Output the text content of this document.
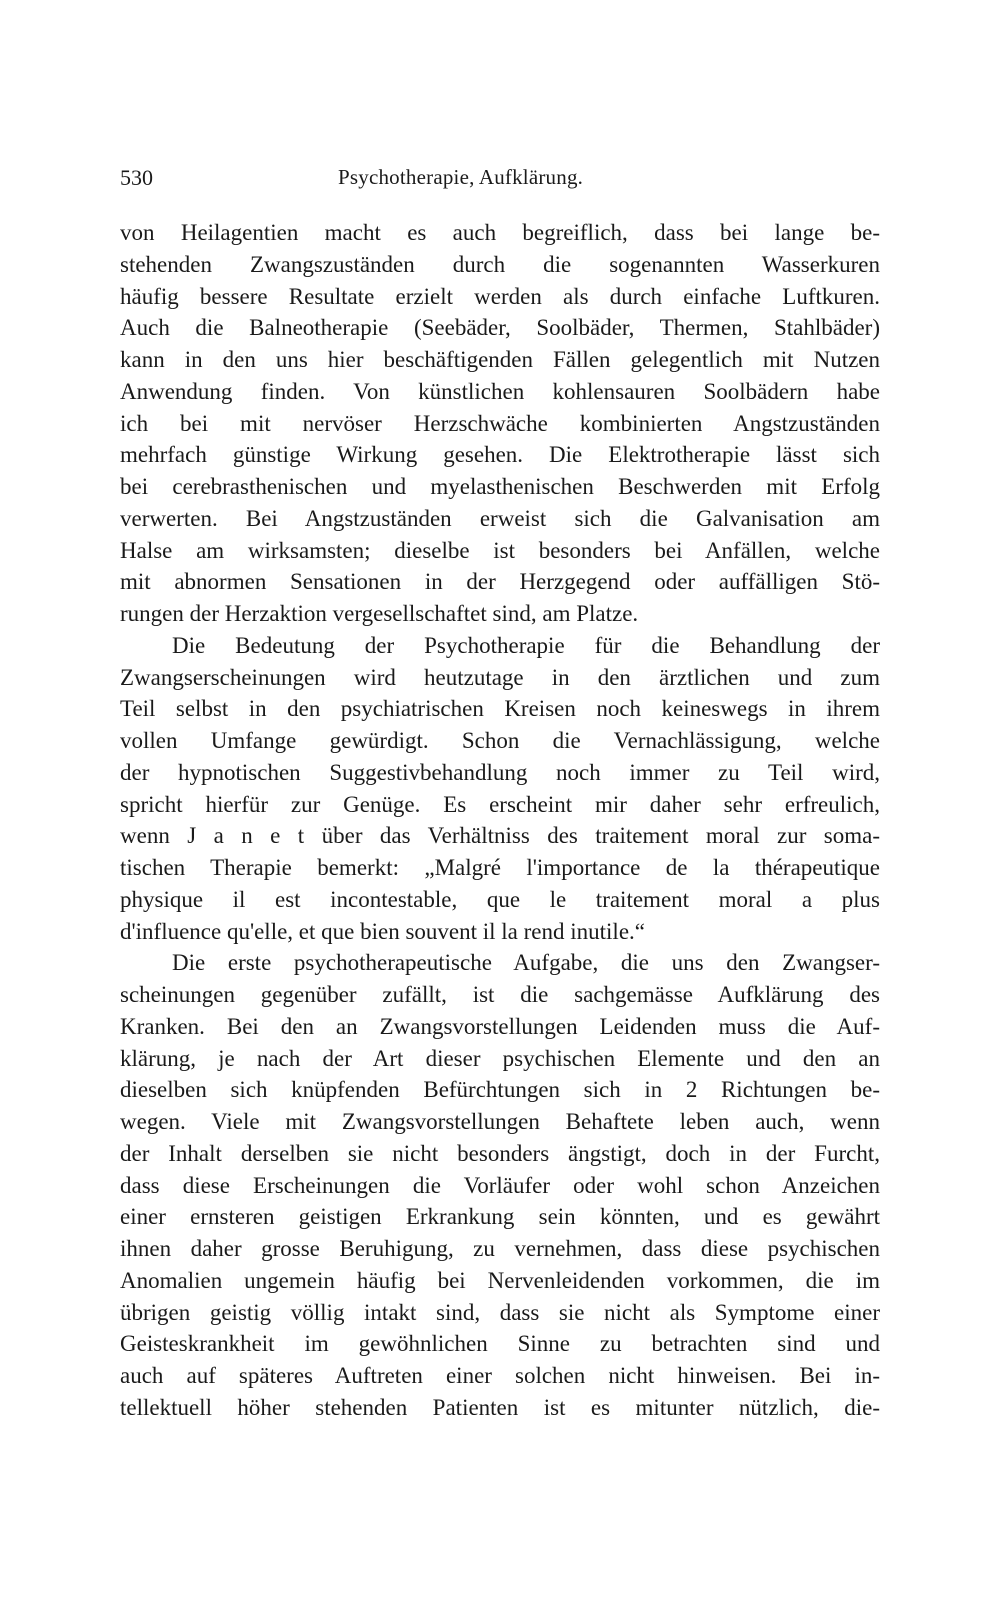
530	Psychotherapie, Aufklärung.
von Heilagentien macht es auch begreiflich, dass bei lange be-
stehenden Zwangszuständen durch die sogenannten Wasserkuren
häufig bessere Resultate erzielt werden als durch einfache Luftkuren.
Auch die Balneotherapie (Seebäder, Soolbäder, Thermen, Stahlbäder)
kann in den uns hier beschäftigenden Fällen gelegentlich mit Nutzen
Anwendung finden. Von künstlichen kohlensauren Soolbädern habe
ich bei mit nervöser Herzschwäche kombinierten Angstzuständen
mehrfach günstige Wirkung gesehen. Die Elektrotherapie lässt sich
bei cerebrasthenischen und myelasthenischen Beschwerden mit Erfolg
verwerten. Bei Angstzuständen erweist sich die Galvanisation am
Halse am wirksamsten; dieselbe ist besonders bei Anfällen, welche
mit abnormen Sensationen in der Herzgegend oder auffälligen Stö-
rungen der Herzaktion vergesellschaftet sind, am Platze.
Die Bedeutung der Psychotherapie für die Behandlung der
Zwangserscheinungen wird heutzutage in den ärztlichen und zum
Teil selbst in den psychiatrischen Kreisen noch keineswegs in ihrem
vollen Umfange gewürdigt. Schon die Vernachlässigung, welche
der hypnotischen Suggestivbehandlung noch immer zu Teil wird,
spricht hierfür zur Genüge. Es erscheint mir daher sehr erfreulich,
wenn J a n e t über das Verhältniss des traitement moral zur soma-
tischen Therapie bemerkt: „Malgré l'importance de la thérapeutique
physique il est incontestable, que le traitement moral a plus
d'influence qu'elle, et que bien souvent il la rend inutile.“
Die erste psychotherapeutische Aufgabe, die uns den Zwangser-
scheinungen gegenüber zufällt, ist die sachgemässe Aufklärung des
Kranken. Bei den an Zwangsvorstellungen Leidenden muss die Auf-
klärung, je nach der Art dieser psychischen Elemente und den an
dieselben sich knüpfenden Befürchtungen sich in 2 Richtungen be-
wegen. Viele mit Zwangsvorstellungen Behaftete leben auch, wenn
der Inhalt derselben sie nicht besonders ängstigt, doch in der Furcht,
dass diese Erscheinungen die Vorläufer oder wohl schon Anzeichen
einer ernsteren geistigen Erkrankung sein könnten, und es gewährt
ihnen daher grosse Beruhigung, zu vernehmen, dass diese psychischen
Anomalien ungemein häufig bei Nervenleidenden vorkommen, die im
übrigen geistig völlig intakt sind, dass sie nicht als Symptome einer
Geisteskrankheit im gewöhnlichen Sinne zu betrachten sind und
auch auf späteres Auftreten einer solchen nicht hinweisen. Bei in-
tellektuell höher stehenden Patienten ist es mitunter nützlich, die-
